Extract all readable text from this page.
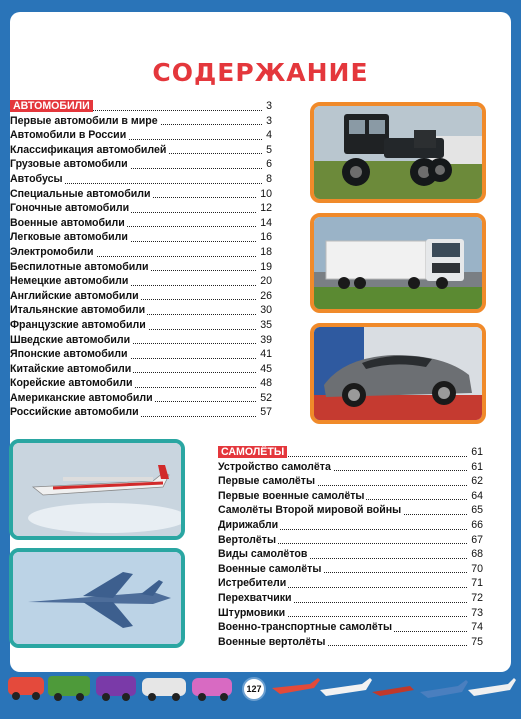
СОДЕРЖАНИЕ
АВТОМОБИЛИ	3
Первые автомобили в мире	3
Автомобили в России	4
Классификация автомобилей	5
Грузовые автомобили	6
Автобусы	8
Специальные автомобили	10
Гоночные автомобили	12
Военные автомобили	14
Легковые автомобили	16
Электромобили	18
Беспилотные автомобили	19
Немецкие автомобили	20
Английские автомобили	26
Итальянские автомобили	30
Французские автомобили	35
Шведские автомобили	39
Японские автомобили	41
Китайские автомобили	45
Корейские автомобили	48
Американские автомобили	52
Российские автомобили	57
САМОЛЁТЫ	61
Устройство самолёта	61
Первые самолёты	62
Первые военные самолёты	64
Самолёты Второй мировой войны	65
Дирижабли	66
Вертолёты	67
Виды самолётов	68
Военные самолёты	70
Истребители	71
Перехватчики	72
Штурмовики	73
Военно-транспортные самолёты	74
Военные вертолёты	75
127
